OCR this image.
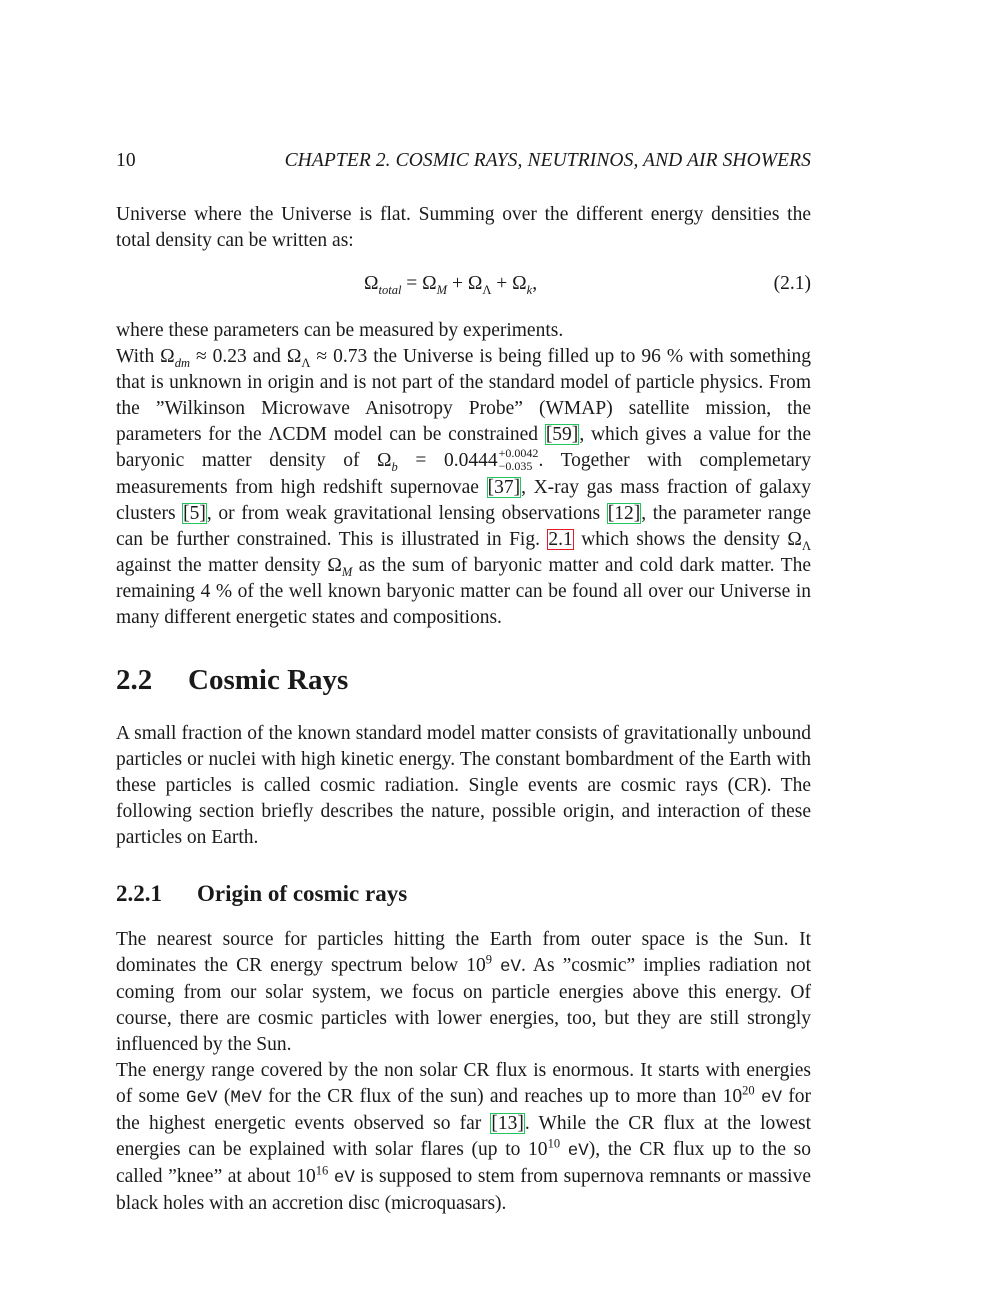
10	CHAPTER 2. COSMIC RAYS, NEUTRINOS, AND AIR SHOWERS

Universe where the Universe is flat. Summing over the different energy densities the total density can be written as:

$\Omega_{total} = \Omega_M + \Omega_\Lambda + \Omega_k$,	(2.1)

where these parameters can be measured by experiments.

With $\Omega_{dm} \approx 0.23$ and $\Omega_\Lambda \approx 0.73$ the Universe is being filled up to 96 % with something that is unknown in origin and is not part of the standard model of particle physics. From the ”Wilkinson Microwave Anisotropy Probe” (WMAP) satellite mission, the parameters for the ΛCDM model can be constrained [59], which gives a value for the baryonic matter density of $\Omega_b = 0.0444 +0.0042$
−0.035 . Together with complemetary measurements from high redshift supernovae [37], X-ray gas mass fraction of galaxy clusters [5], or from weak gravitational lensing observations [12], the parameter range can be further constrained. This is illustrated in Fig. 2.1 which shows the density $\Omega_\Lambda$ against the matter density $\Omega_M$ as the sum of baryonic matter and cold dark matter. The remaining 4 % of the well known baryonic matter can be found all over our Universe in many different energetic states and compositions.

2.2 Cosmic Rays

A small fraction of the known standard model matter consists of gravitationally unbound particles or nuclei with high kinetic energy. The constant bombardment of the Earth with these particles is called cosmic radiation. Single events are cosmic rays (CR). The following section briefly describes the nature, possible origin, and interaction of these particles on Earth.

2.2.1 Origin of cosmic rays

The nearest source for particles hitting the Earth from outer space is the Sun. It dominates the CR energy spectrum below $10^9$ eV. As ”cosmic” implies radiation not coming from our solar system, we focus on particle energies above this energy. Of course, there are cosmic particles with lower energies, too, but they are still strongly influenced by the Sun.

The energy range covered by the non solar CR flux is enormous. It starts with energies of some GeV (MeV for the CR flux of the sun) and reaches up to more than $10^{20}$ eV for the highest energetic events observed so far [13]. While the CR flux at the lowest energies can be explained with solar flares (up to $10^{10}$ eV), the CR flux up to the so called ”knee” at about $10^{16}$ eV is supposed to stem from supernova remnants or massive black holes with an accretion disc (microquasars).
